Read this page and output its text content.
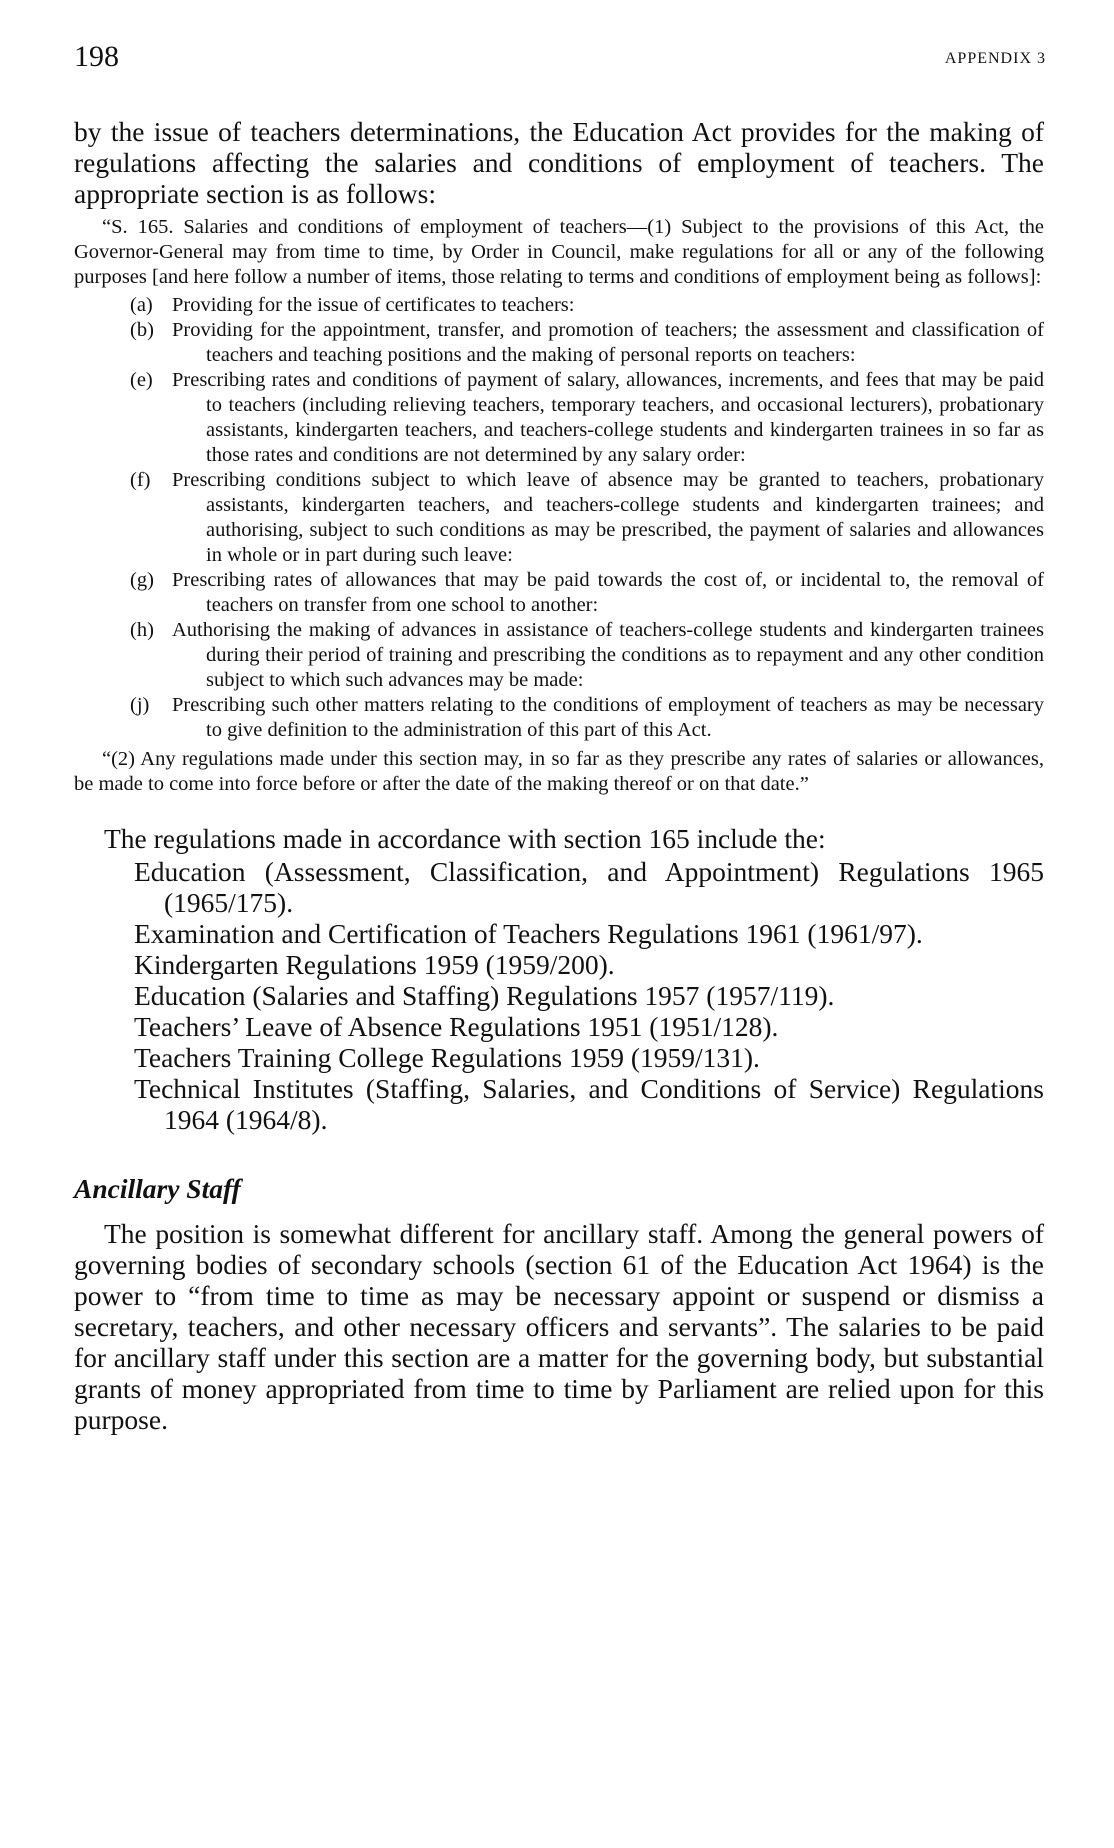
198	APPENDIX 3

by the issue of teachers determinations, the Education Act provides for the making of regulations affecting the salaries and conditions of employment of teachers. The appropriate section is as follows:

“S. 165. Salaries and conditions of employment of teachers—(1) Subject to the provisions of this Act, the Governor-General may from time to time, by Order in Council, make regulations for all or any of the following purposes [and here follow a number of items, those relating to terms and conditions of employment being as follows]:

(a) Providing for the issue of certificates to teachers:
(b) Providing for the appointment, transfer, and promotion of teachers; the assessment and classification of teachers and teaching positions and the making of personal reports on teachers:
(e) Prescribing rates and conditions of payment of salary, allowances, increments, and fees that may be paid to teachers (including relieving teachers, temporary teachers, and occasional lecturers), probationary assistants, kindergarten teachers, and teachers-college students and kindergarten trainees in so far as those rates and conditions are not determined by any salary order:
(f) Prescribing conditions subject to which leave of absence may be granted to teachers, probationary assistants, kindergarten teachers, and teachers-college students and kindergarten trainees; and authorising, subject to such conditions as may be prescribed, the payment of salaries and allowances in whole or in part during such leave:
(g) Prescribing rates of allowances that may be paid towards the cost of, or incidental to, the removal of teachers on transfer from one school to another:
(h) Authorising the making of advances in assistance of teachers-college students and kindergarten trainees during their period of training and prescribing the conditions as to repayment and any other condition subject to which such advances may be made:
(j) Prescribing such other matters relating to the conditions of employment of teachers as may be necessary to give definition to the administration of this part of this Act.

“(2) Any regulations made under this section may, in so far as they prescribe any rates of salaries or allowances, be made to come into force before or after the date of the making thereof or on that date.”

The regulations made in accordance with section 165 include the:

Education (Assessment, Classification, and Appointment) Regulations 1965 (1965/175).
Examination and Certification of Teachers Regulations 1961 (1961/97).
Kindergarten Regulations 1959 (1959/200).
Education (Salaries and Staffing) Regulations 1957 (1957/119).
Teachers’ Leave of Absence Regulations 1951 (1951/128).
Teachers Training College Regulations 1959 (1959/131).
Technical Institutes (Staffing, Salaries, and Conditions of Service) Regulations 1964 (1964/8).
Ancillary Staff

The position is somewhat different for ancillary staff. Among the general powers of governing bodies of secondary schools (section 61 of the Education Act 1964) is the power to “from time to time as may be necessary appoint or suspend or dismiss a secretary, teachers, and other necessary officers and servants”. The salaries to be paid for ancillary staff under this section are a matter for the governing body, but substantial grants of money appropriated from time to time by Parliament are relied upon for this purpose.
